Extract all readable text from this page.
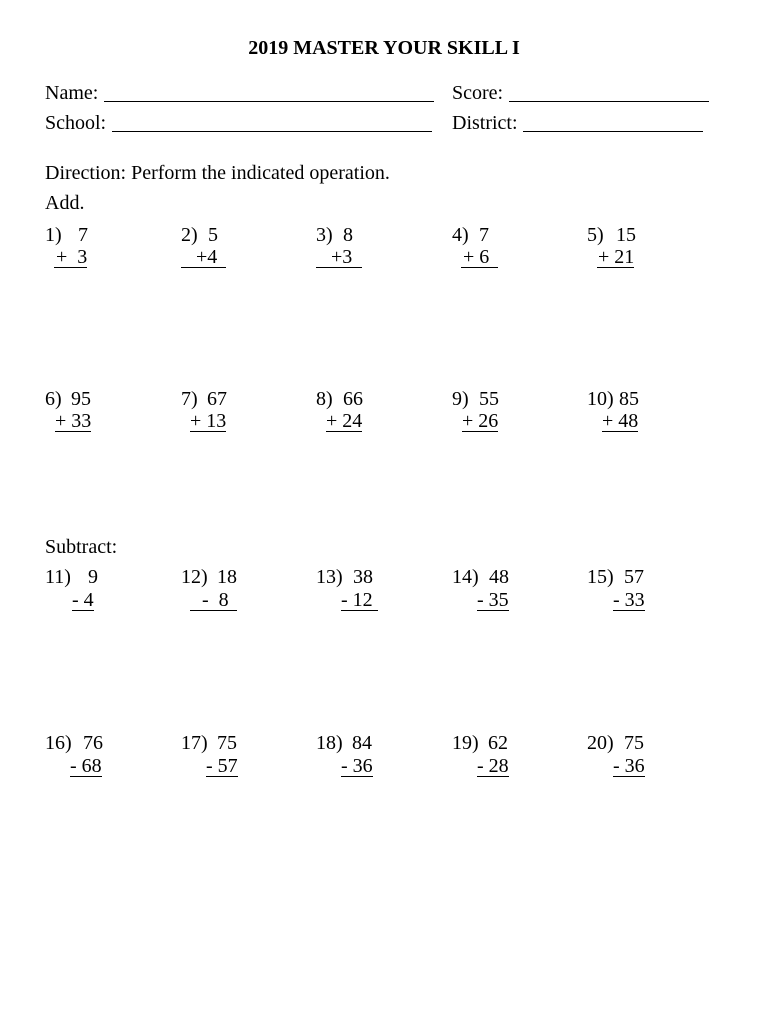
2019 MASTER YOUR SKILL I
Name:	Score:
School:	District:
Direction: Perform the indicated operation.
Add.
1) 7
+  3
2) 5
+4
3) 8
+3
4) 7
+ 6
5) 15
+ 21
6) 95
+ 33
7) 67
+ 13
8) 66
+ 24
9) 55
+ 26
10) 85
+ 48
Subtract:
11) 9
- 4
12) 18
-  8
13) 38
- 12
14) 48
- 35
15) 57
- 33
16) 76
- 68
17) 75
- 57
18) 84
- 36
19) 62
- 28
20) 75
- 36
